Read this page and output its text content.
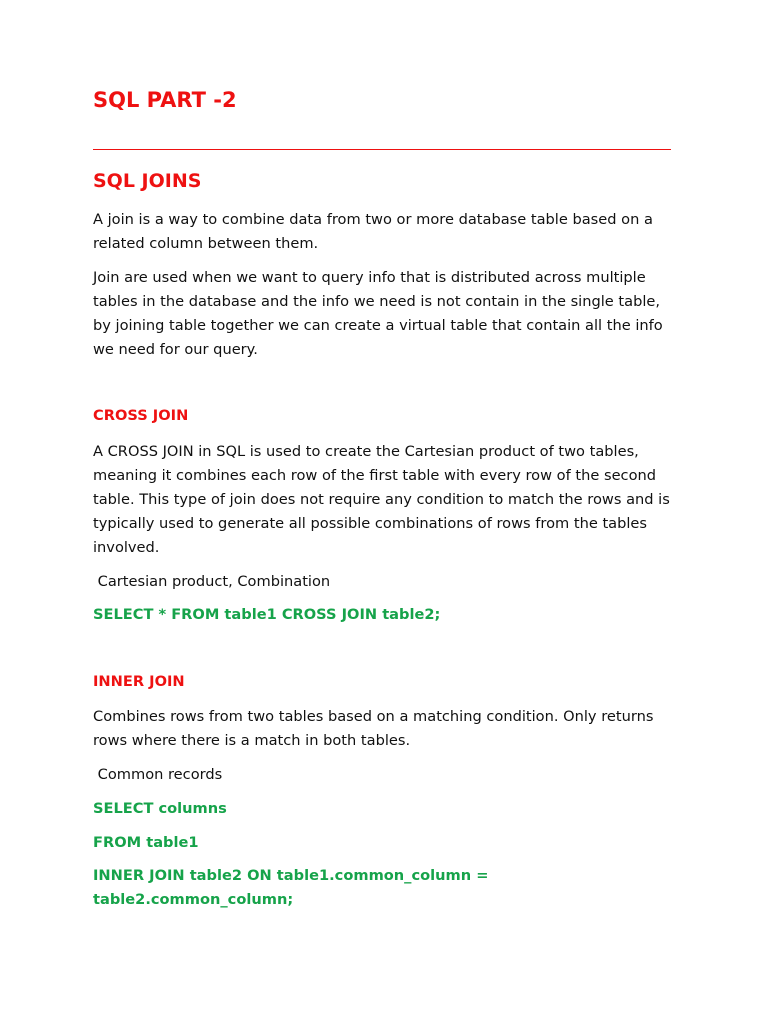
SQL PART -2
SQL JOINS

A join is a way to combine data from two or more database table based on a related column between them.

Join are used when we want to query info that is distributed across multiple tables in the database and the info we need is not contain in the single table, by joining table together we can create a virtual table that contain all the info we need for our query.

CROSS JOIN

A CROSS JOIN in SQL is used to create the Cartesian product of two tables, meaning it combines each row of the first table with every row of the second table. This type of join does not require any condition to match the rows and is typically used to generate all possible combinations of rows from the tables involved.

Cartesian product, Combination

SELECT * FROM table1 CROSS JOIN table2;

INNER JOIN

Combines rows from two tables based on a matching condition. Only returns rows where there is a match in both tables.

Common records

SELECT columns

FROM table1

INNER JOIN table2 ON table1.common_column = table2.common_column;
